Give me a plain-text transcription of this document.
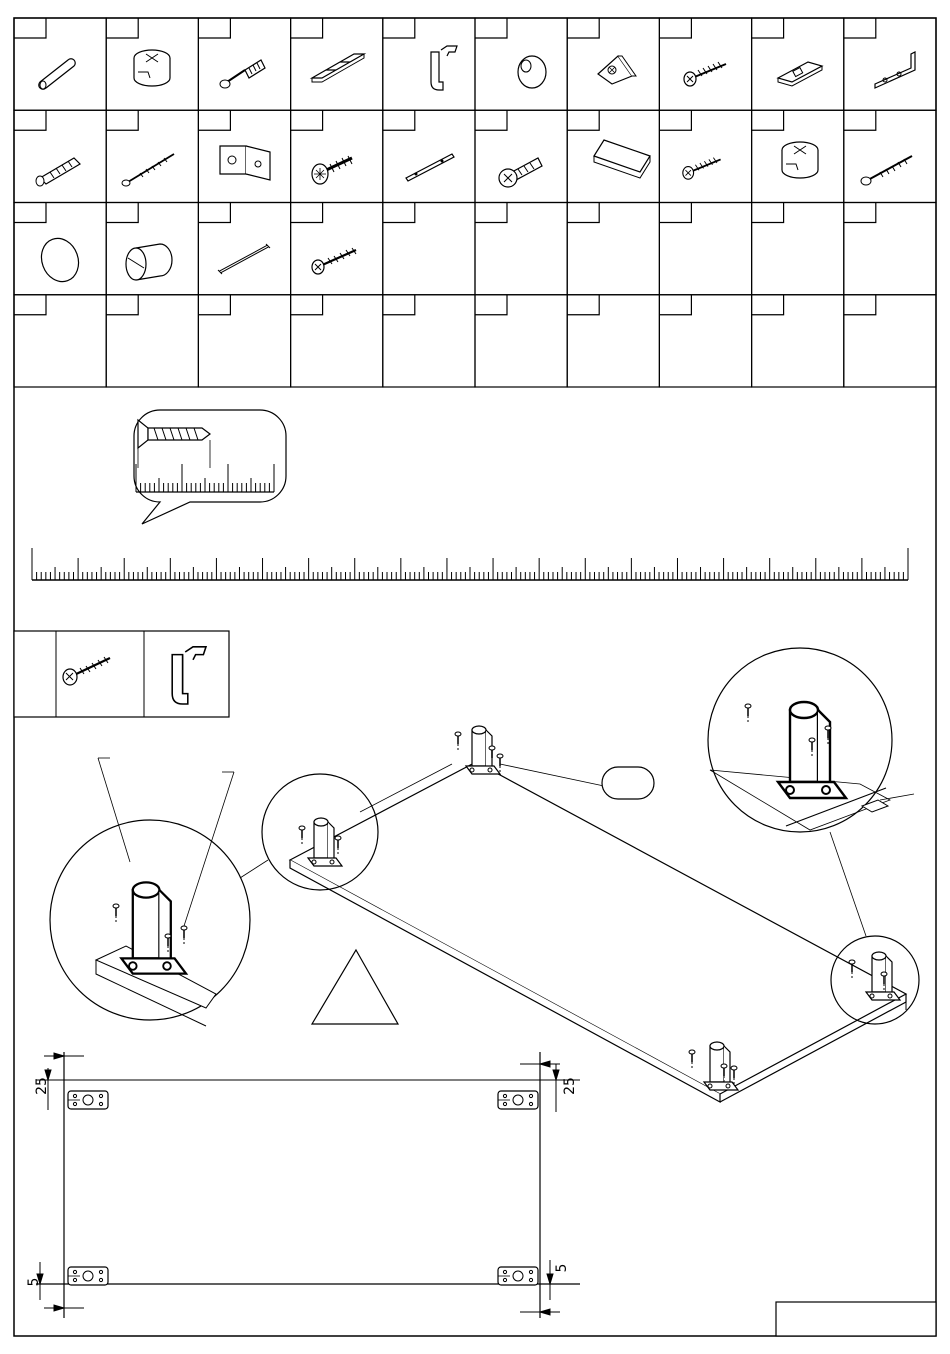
25	25
5
5
